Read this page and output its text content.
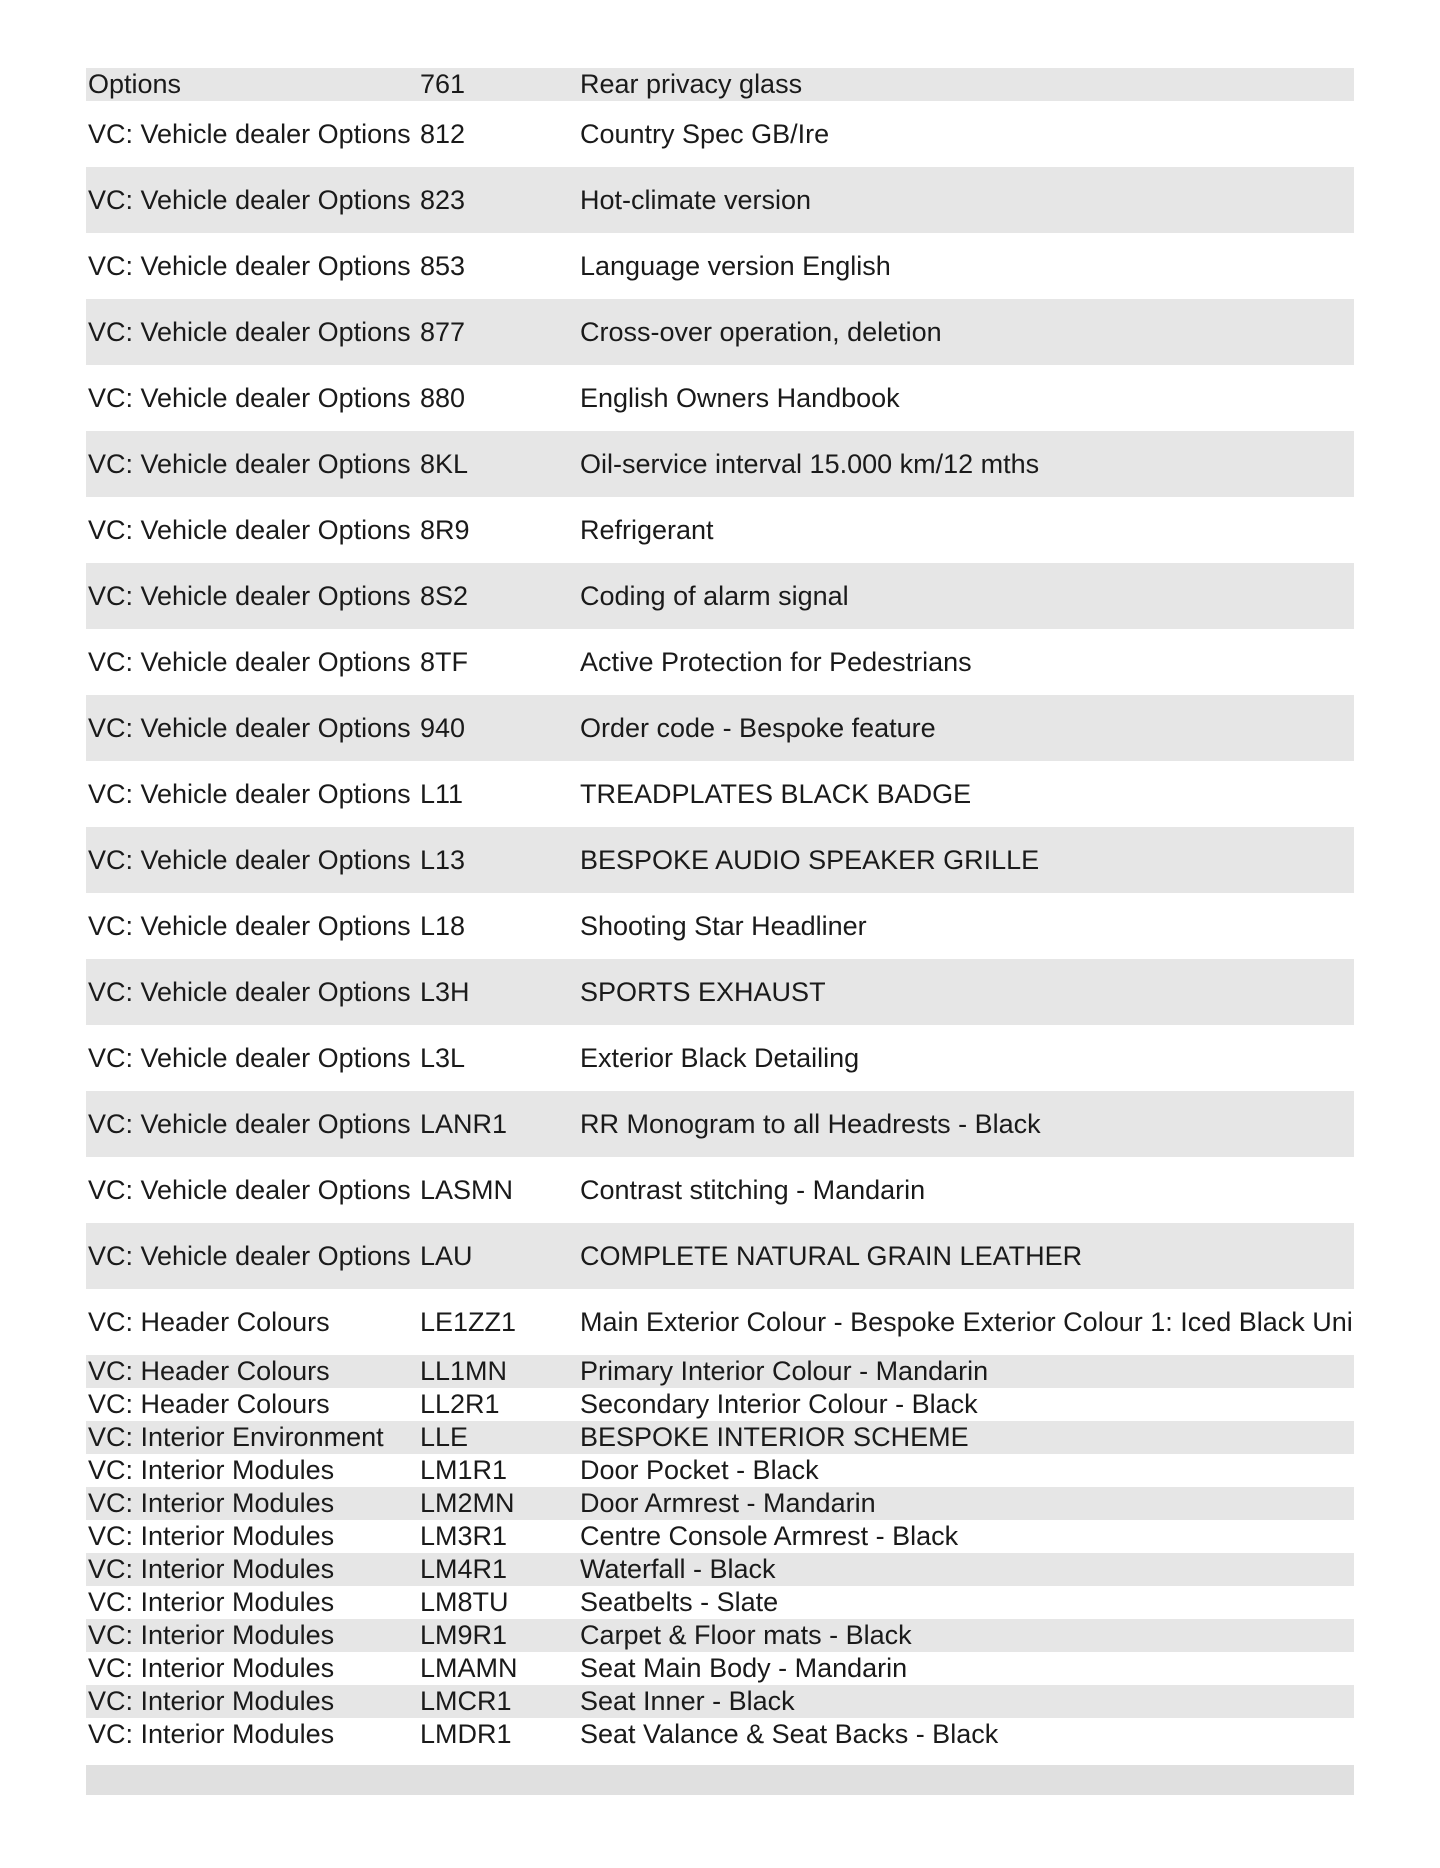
Options	761	Rear privacy glass
VC: Vehicle dealer Options	812	Country Spec GB/Ire
VC: Vehicle dealer Options	823	Hot-climate version
VC: Vehicle dealer Options	853	Language version English
VC: Vehicle dealer Options	877	Cross-over operation, deletion
VC: Vehicle dealer Options	880	English Owners Handbook
VC: Vehicle dealer Options	8KL	Oil-service interval 15.000 km/12 mths
VC: Vehicle dealer Options	8R9	Refrigerant
VC: Vehicle dealer Options	8S2	Coding of alarm signal
VC: Vehicle dealer Options	8TF	Active Protection for Pedestrians
VC: Vehicle dealer Options	940	Order code - Bespoke feature
VC: Vehicle dealer Options	L11	TREADPLATES BLACK BADGE
VC: Vehicle dealer Options	L13	BESPOKE AUDIO SPEAKER GRILLE
VC: Vehicle dealer Options	L18	Shooting Star Headliner
VC: Vehicle dealer Options	L3H	SPORTS EXHAUST
VC: Vehicle dealer Options	L3L	Exterior Black Detailing
VC: Vehicle dealer Options	LANR1	RR Monogram to all Headrests - Black
VC: Vehicle dealer Options	LASMN	Contrast stitching - Mandarin
VC: Vehicle dealer Options	LAU	COMPLETE NATURAL GRAIN LEATHER
VC: Header Colours	LE1ZZ1	Main Exterior Colour - Bespoke Exterior Colour 1: Iced Black Uni
VC: Header Colours	LL1MN	Primary Interior Colour - Mandarin
VC: Header Colours	LL2R1	Secondary Interior Colour - Black
VC: Interior Environment	LLE	BESPOKE INTERIOR SCHEME
VC: Interior Modules	LM1R1	Door Pocket - Black
VC: Interior Modules	LM2MN	Door Armrest - Mandarin
VC: Interior Modules	LM3R1	Centre Console Armrest - Black
VC: Interior Modules	LM4R1	Waterfall - Black
VC: Interior Modules	LM8TU	Seatbelts - Slate
VC: Interior Modules	LM9R1	Carpet & Floor mats - Black
VC: Interior Modules	LMAMN	Seat Main Body - Mandarin
VC: Interior Modules	LMCR1	Seat Inner - Black
VC: Interior Modules	LMDR1	Seat Valance & Seat Backs - Black
